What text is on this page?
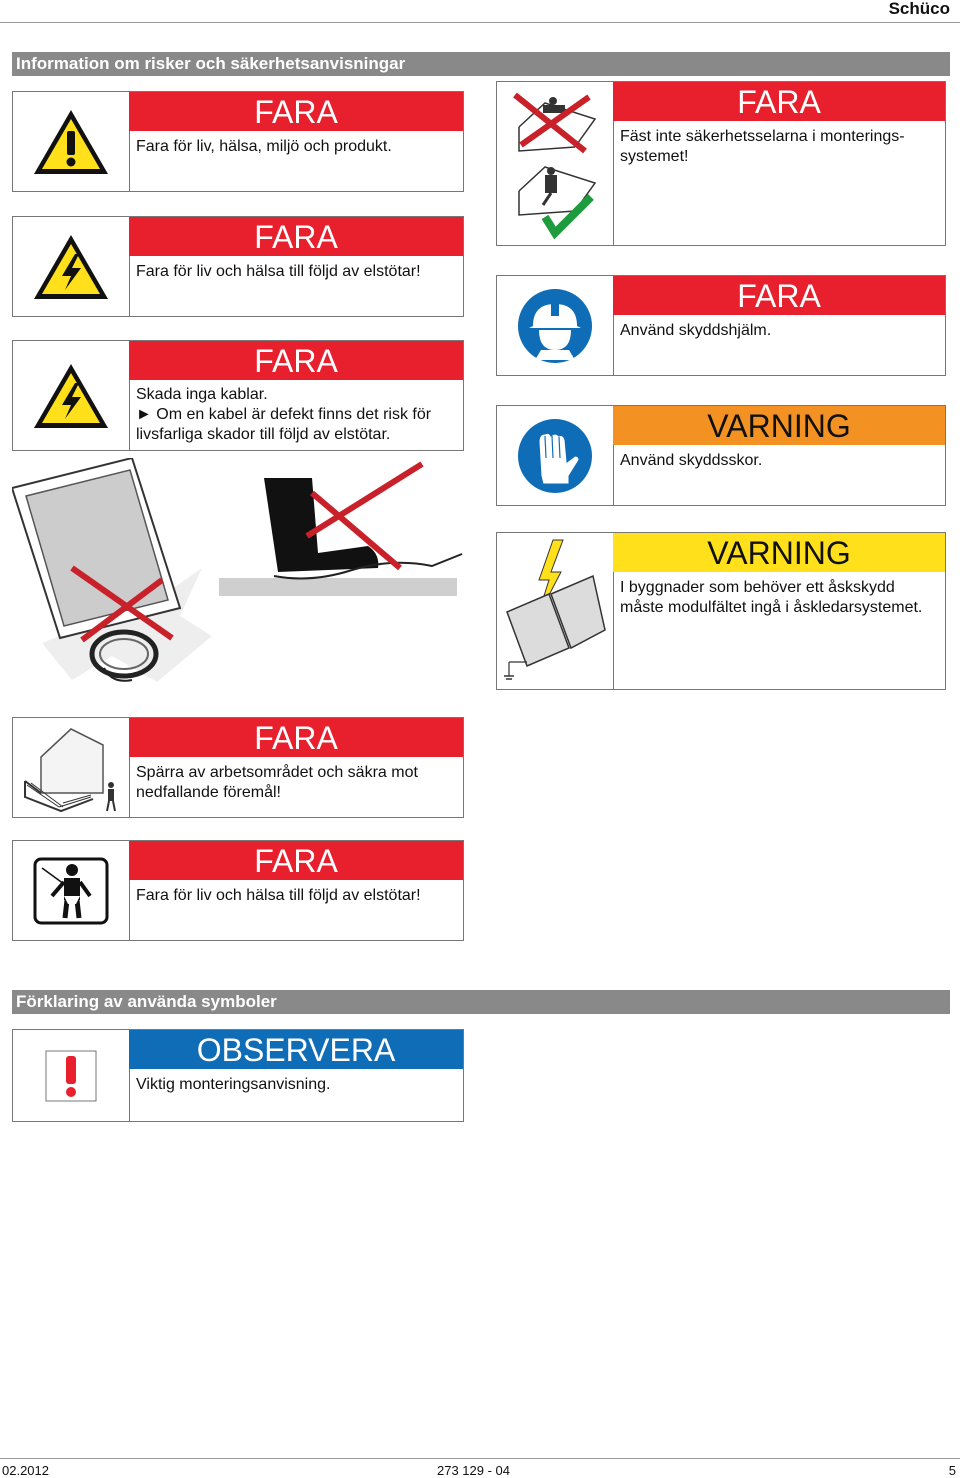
Schüco
Information om risker och säkerhetsanvisningar
FARA
Fara för liv, hälsa, miljö och produkt.
FARA
Fara för liv och hälsa till följd av elstötar!
FARA
Skada inga kablar.
► Om en kabel är defekt finns det risk för
livsfarliga skador till följd av elstötar.
FARA
Fäst inte säkerhetsselarna i monterings-
systemet!
FARA
Använd skyddshjälm.
VARNING
Använd skyddsskor.
VARNING
I byggnader som behöver ett åskskydd
måste modulfältet ingå i åskledarsystemet.
FARA
Spärra av arbetsområdet och säkra mot
nedfallande föremål!
FARA
Fara för liv och hälsa till följd av elstötar!
Förklaring av använda symboler
OBSERVERA
Viktig monteringsanvisning.
02.2012	273 129 - 04	5
